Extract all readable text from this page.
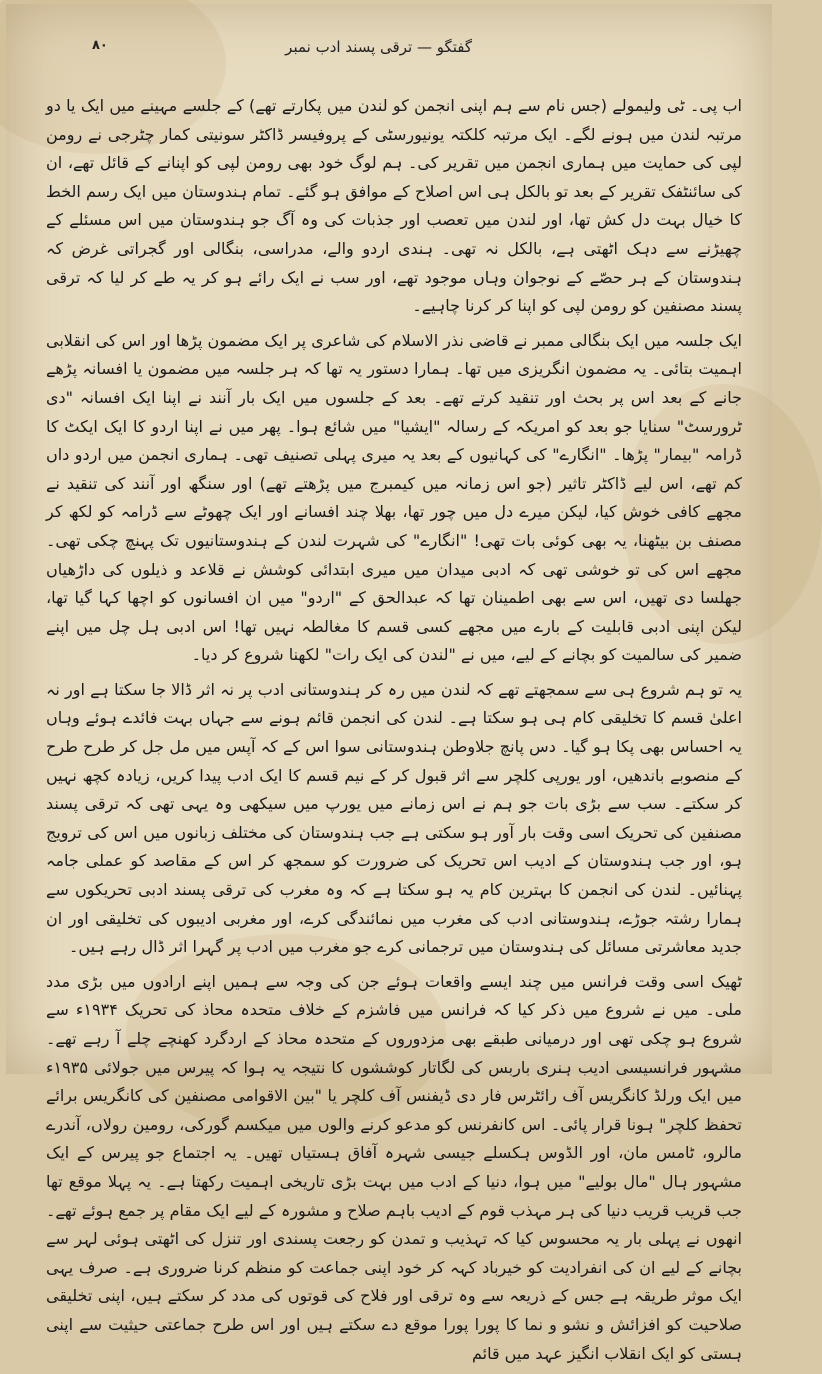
۸۰	گفتگو — ترقی پسند ادب نمبر

اب پی۔ ٹی ولیمولے (جس نام سے ہم اپنی انجمن کو لندن میں پکارتے تھے) کے جلسے مہینے میں ایک یا دو مرتبہ لندن میں ہونے لگے۔ ایک مرتبہ کلکتہ یونیورسٹی کے پروفیسر ڈاکٹر سونیتی کمار چٹرجی نے رومن لپی کی حمایت میں ہماری انجمن میں تقریر کی۔ ہم لوگ خود بھی رومن لپی کو اپنانے کے قائل تھے، ان کی سائنٹفک تقریر کے بعد تو بالکل ہی اس اصلاح کے موافق ہو گئے۔ تمام ہندوستان میں ایک رسم الخط کا خیال بہت دل کش تھا، اور لندن میں تعصب اور جذبات کی وہ آگ جو ہندوستان میں اس مسئلے کے چھیڑنے سے دہک اٹھتی ہے، بالکل نہ تھی۔ ہندی اردو والے، مدراسی، بنگالی اور گجراتی غرض کہ ہندوستان کے ہر حصّے کے نوجوان وہاں موجود تھے، اور سب نے ایک رائے ہو کر یہ طے کر لیا کہ ترقی پسند مصنفین کو رومن لپی کو اپنا کر کرنا چاہیے۔

ایک جلسہ میں ایک بنگالی ممبر نے قاضی نذر الاسلام کی شاعری پر ایک مضمون پڑھا اور اس کی انقلابی اہمیت بتائی۔ یہ مضمون انگریزی میں تھا۔ ہمارا دستور یہ تھا کہ ہر جلسہ میں مضمون یا افسانہ پڑھے جانے کے بعد اس پر بحث اور تنقید کرتے تھے۔ بعد کے جلسوں میں ایک بار آنند نے اپنا ایک افسانہ "دی ٹرورسٹ" سنایا جو بعد کو امریکہ کے رسالہ "ایشیا" میں شائع ہوا۔ پھر میں نے اپنا اردو کا ایک ایکٹ کا ڈرامہ "بیمار" پڑھا۔ "انگارے" کی کہانیوں کے بعد یہ میری پہلی تصنیف تھی۔ ہماری انجمن میں اردو داں کم تھے، اس لیے ڈاکٹر تاثیر (جو اس زمانہ میں کیمبرج میں پڑھتے تھے) اور سنگھ اور آنند کی تنقید نے مجھے کافی خوش کیا، لیکن میرے دل میں چور تھا، بھلا چند افسانے اور ایک چھوٹے سے ڈرامہ کو لکھ کر مصنف بن بیٹھنا، یہ بھی کوئی بات تھی! "انگارے" کی شہرت لندن کے ہندوستانیوں تک پہنچ چکی تھی۔ مجھے اس کی تو خوشی تھی کہ ادبی میدان میں میری ابتدائی کوشش نے قلاعد و ذیلوں کی داڑھیاں جھلسا دی تھیں، اس سے بھی اطمینان تھا کہ عبدالحق کے "اردو" میں ان افسانوں کو اچھا کہا گیا تھا، لیکن اپنی ادبی قابلیت کے بارے میں مجھے کسی قسم کا مغالطہ نہیں تھا! اس ادبی ہل چل میں اپنے ضمیر کی سالمیت کو بچانے کے لیے، میں نے "لندن کی ایک رات" لکھنا شروع کر دیا۔

یہ تو ہم شروع ہی سے سمجھتے تھے کہ لندن میں رہ کر ہندوستانی ادب پر نہ اثر ڈالا جا سکتا ہے اور نہ اعلیٰ قسم کا تخلیقی کام ہی ہو سکتا ہے۔ لندن کی انجمن قائم ہونے سے جہاں بہت فائدے ہوئے وہاں یہ احساس بھی پکا ہو گیا۔ دس پانچ جلاوطن ہندوستانی سوا اس کے کہ آپس میں مل جل کر طرح طرح کے منصوبے باندھیں، اور یورپی کلچر سے اثر قبول کر کے نیم قسم کا ایک ادب پیدا کریں، زیادہ کچھ نہیں کر سکتے۔ سب سے بڑی بات جو ہم نے اس زمانے میں یورپ میں سیکھی وہ یہی تھی کہ ترقی پسند مصنفین کی تحریک اسی وقت بار آور ہو سکتی ہے جب ہندوستان کی مختلف زبانوں میں اس کی ترویج ہو، اور جب ہندوستان کے ادیب اس تحریک کی ضرورت کو سمجھ کر اس کے مقاصد کو عملی جامہ پہنائیں۔ لندن کی انجمن کا بہترین کام یہ ہو سکتا ہے کہ وہ مغرب کی ترقی پسند ادبی تحریکوں سے ہمارا رشتہ جوڑے، ہندوستانی ادب کی مغرب میں نمائندگی کرے، اور مغربی ادیبوں کی تخلیقی اور ان جدید معاشرتی مسائل کی ہندوستان میں ترجمانی کرے جو مغرب میں ادب پر گہرا اثر ڈال رہے ہیں۔

ٹھیک اسی وقت فرانس میں چند ایسے واقعات ہوئے جن کی وجہ سے ہمیں اپنے ارادوں میں بڑی مدد ملی۔ میں نے شروع میں ذکر کیا کہ فرانس میں فاشزم کے خلاف متحدہ محاذ کی تحریک ۱۹۳۴ء سے شروع ہو چکی تھی اور درمیانی طبقے بھی مزدوروں کے متحدہ محاذ کے اردگرد کھنچے چلے آ رہے تھے۔ مشہور فرانسیسی ادیب ہنری باربس کی لگاتار کوششوں کا نتیجہ یہ ہوا کہ پیرس میں جولائی ۱۹۳۵ء میں ایک ورلڈ کانگریس آف رائٹرس فار دی ڈیفنس آف کلچر یا "بین الاقوامی مصنفین کی کانگریس برائے تحفظ کلچر" ہونا قرار پائی۔ اس کانفرنس کو مدعو کرنے والوں میں میکسم گورکی، رومین رولاں، آندرے مالرو، ٹامس مان، اور الڈوس ہکسلے جیسی شہرہ آفاق ہستیاں تھیں۔ یہ اجتماع جو پیرس کے ایک مشہور ہال "مال بولیے" میں ہوا، دنیا کے ادب میں بہت بڑی تاریخی اہمیت رکھتا ہے۔ یہ پہلا موقع تھا جب قریب قریب دنیا کی ہر مہذب قوم کے ادیب باہم صلاح و مشورہ کے لیے ایک مقام پر جمع ہوئے تھے۔ انھوں نے پہلی بار یہ محسوس کیا کہ تہذیب و تمدن کو رجعت پسندی اور تنزل کی اٹھتی ہوئی لہر سے بچانے کے لیے ان کی انفرادیت کو خیرباد کہہ کر خود اپنی جماعت کو منظم کرنا ضروری ہے۔ صرف یہی ایک موثر طریقہ ہے جس کے ذریعہ سے وہ ترقی اور فلاح کی قوتوں کی مدد کر سکتے ہیں، اپنی تخلیقی صلاحیت کو افزائش و نشو و نما کا پورا پورا موقع دے سکتے ہیں اور اس طرح جماعتی حیثیت سے اپنی ہستی کو ایک انقلاب انگیز عہد میں قائم
